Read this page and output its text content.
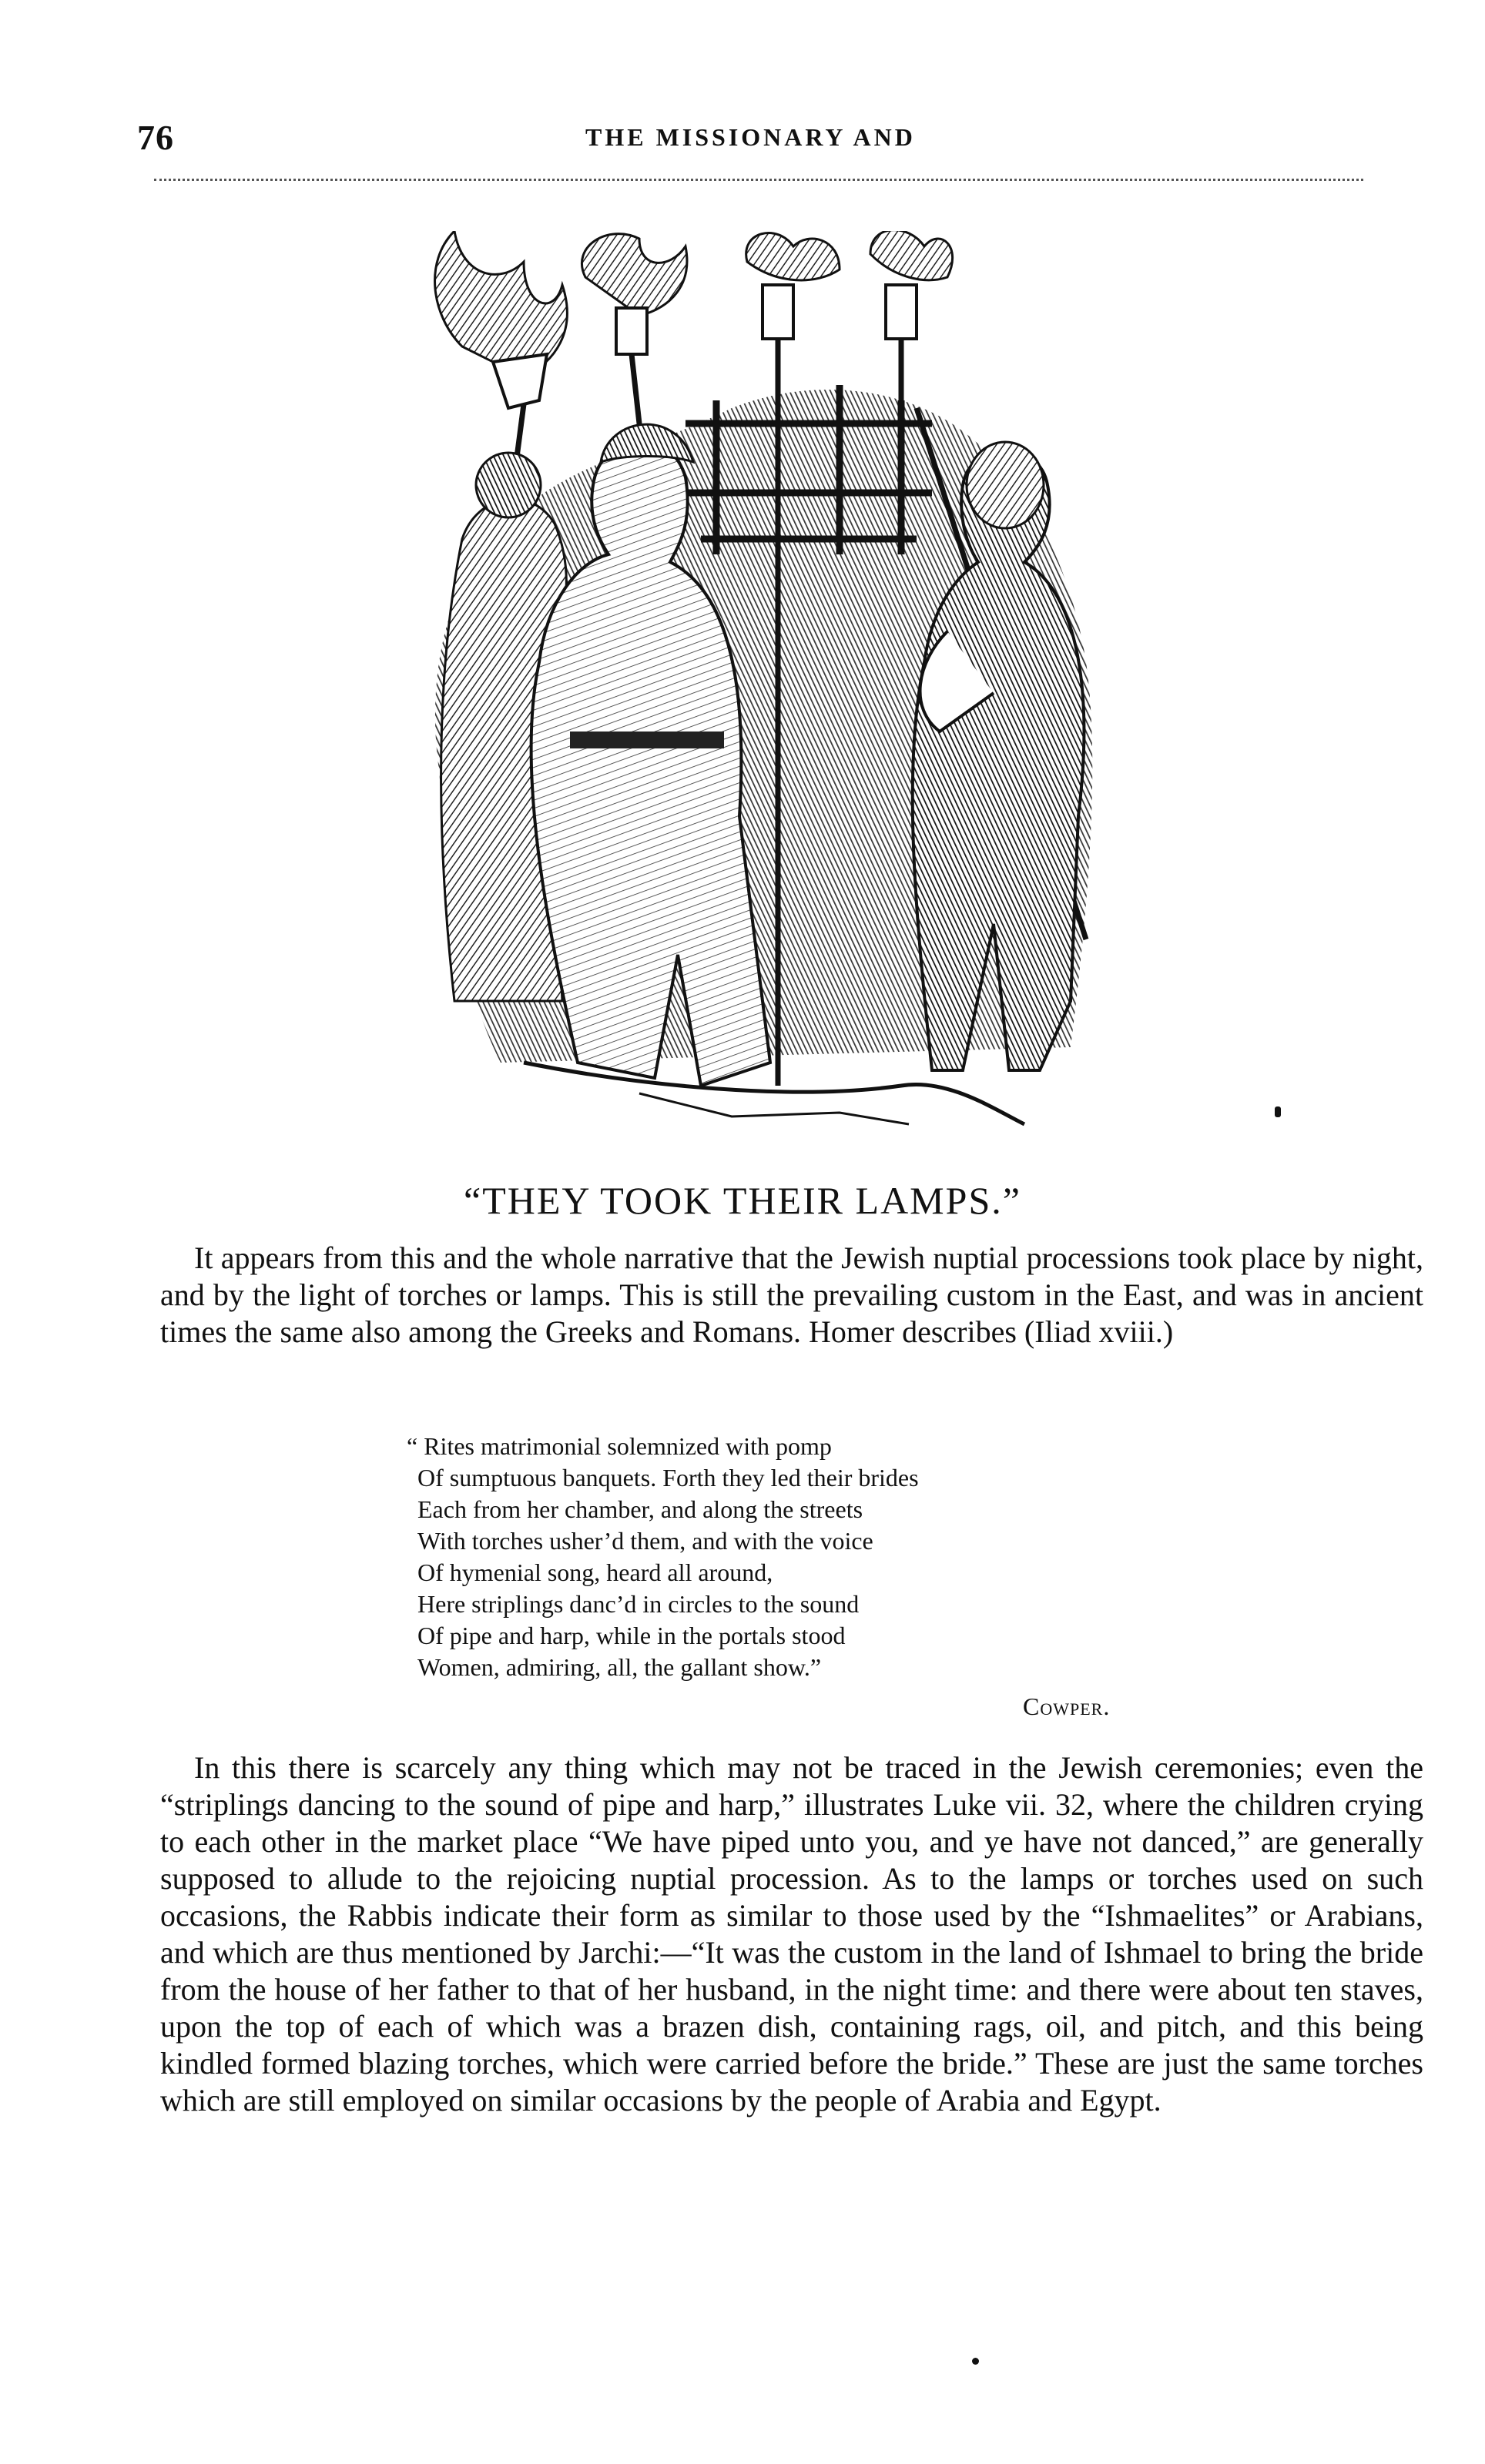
76	THE MISSIONARY AND
“THEY TOOK THEIR LAMPS.”

It appears from this and the whole narrative that the Jewish nuptial processions took place by night, and by the light of torches or lamps. This is still the prevailing custom in the East, and was in ancient times the same also among the Greeks and Romans. Homer describes (Iliad xviii.)

“ Rites matrimonial solemnized with pomp
Of sumptuous banquets. Forth they led their brides
Each from her chamber, and along the streets
With torches usher’d them, and with the voice
Of hymenial song, heard all around,
Here striplings danc’d in circles to the sound
Of pipe and harp, while in the portals stood
Women, admiring, all, the gallant show.”
Cowper.

In this there is scarcely any thing which may not be traced in the Jewish ceremonies; even the “striplings dancing to the sound of pipe and harp,” illustrates Luke vii. 32, where the children crying to each other in the market place “We have piped unto you, and ye have not danced,” are generally supposed to allude to the rejoicing nuptial procession. As to the lamps or torches used on such occasions, the Rabbis indicate their form as similar to those used by the “Ishmaelites” or Arabians, and which are thus mentioned by Jarchi:—“It was the custom in the land of Ishmael to bring the bride from the house of her father to that of her husband, in the night time: and there were about ten staves, upon the top of each of which was a brazen dish, containing rags, oil, and pitch, and this being kindled formed blazing torches, which were carried before the bride.” These are just the same torches which are still employed on similar occasions by the people of Arabia and Egypt.
